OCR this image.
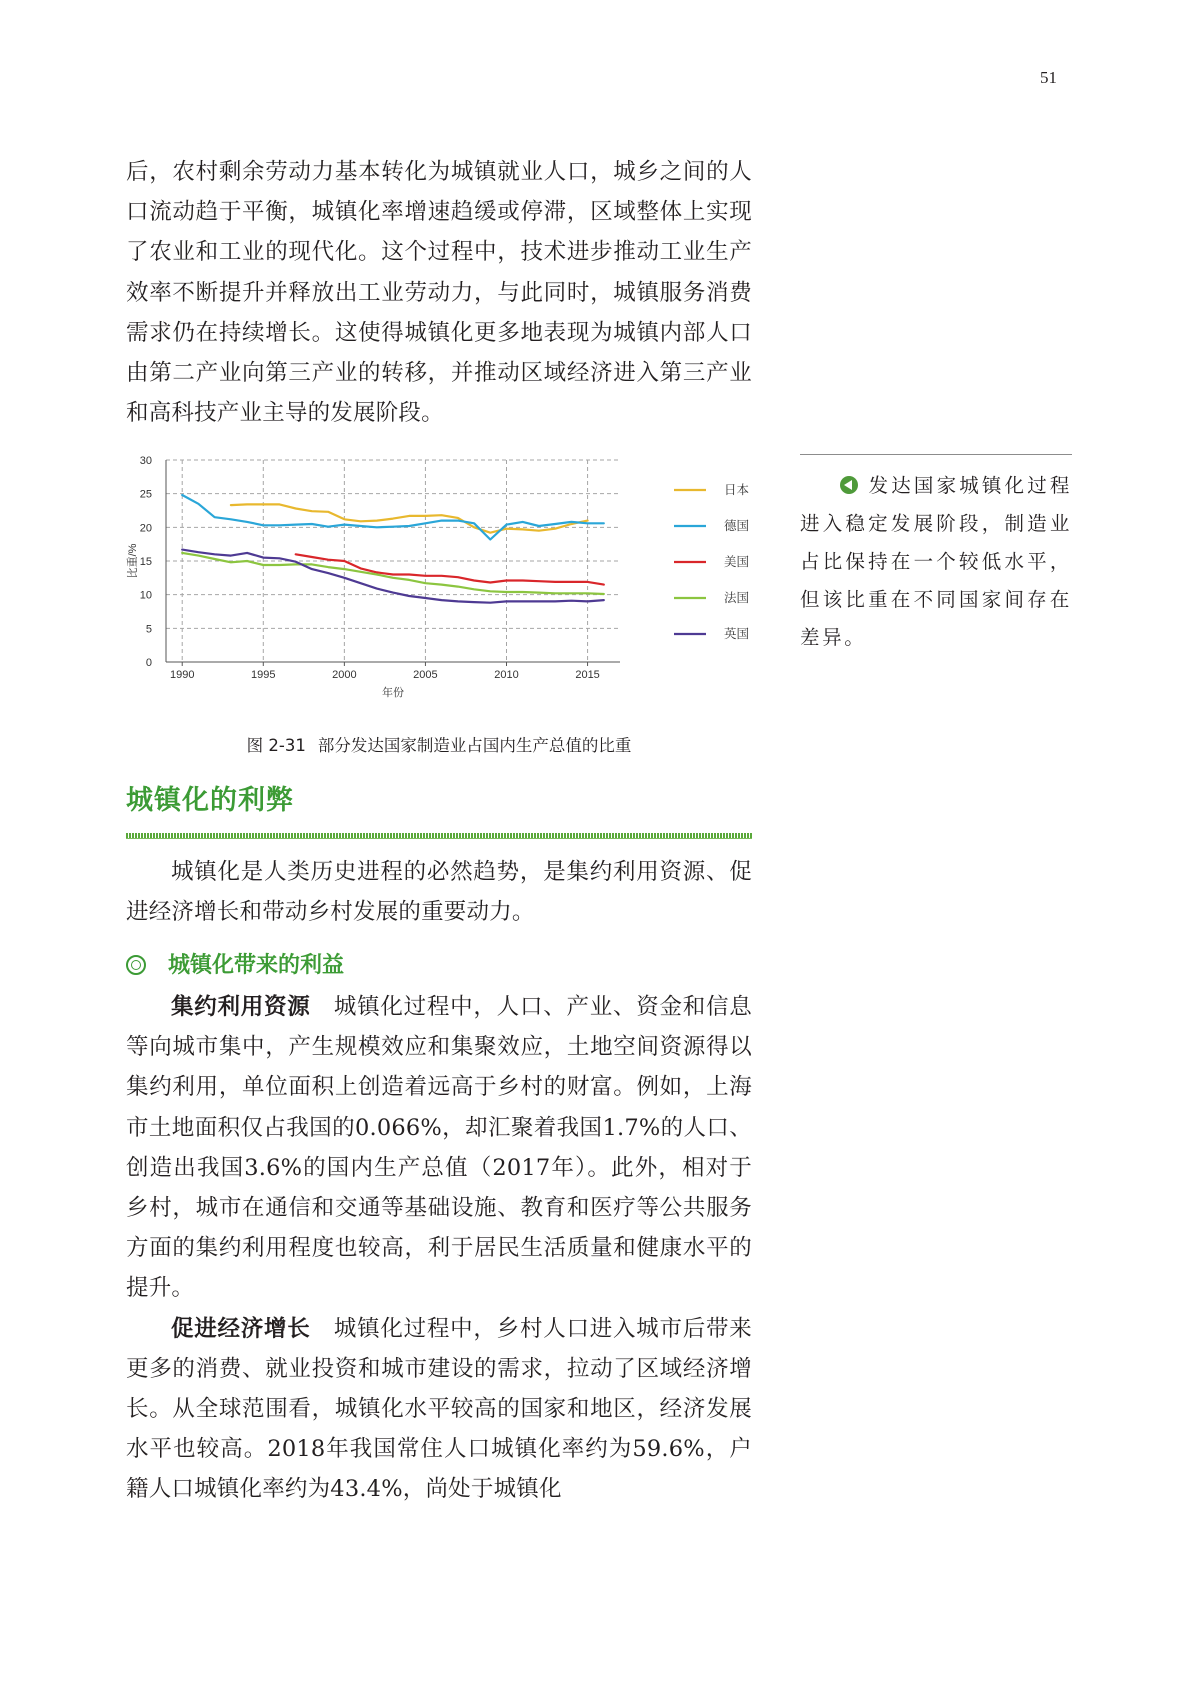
51

后，农村剩余劳动力基本转化为城镇就业人口，城乡之间的人口流动趋于平衡，城镇化率增速趋缓或停滞，区域整体上实现了农业和工业的现代化。这个过程中，技术进步推动工业生产效率不断提升并释放出工业劳动力，与此同时，城镇服务消费需求仍在持续增长。这使得城镇化更多地表现为城镇内部人口由第二产业向第三产业的转移，并推动区域经济进入第三产业和高科技产业主导的发展阶段。

0
5
10
15
20
25
30
1990	1995	2000	2005	2010	2015
年份
比重/%
日本
德国
美国
法国
英国
图 2-31 部分发达国家制造业占国内生产总值的比重
城镇化的利弊

城镇化是人类历史进程的必然趋势，是集约利用资源、促进经济增长和带动乡村发展的重要动力。

城镇化带来的利益

集约利用资源　 城镇化过程中，人口、产业、资金和信息等向城市集中，产生规模效应和集聚效应，土地空间资源得以集约利用，单位面积上创造着远高于乡村的财富。例如，上海市土地面积仅占我国的0.066%，却汇聚着我国1.7%的人口、创造出我国3.6%的国内生产总值（2017年）。此外，相对于乡村，城市在通信和交通等基础设施、教育和医疗等公共服务方面的集约利用程度也较高，利于居民生活质量和健康水平的提升。

促进经济增长　 城镇化过程中，乡村人口进入城市后带来更多的消费、就业投资和城市建设的需求，拉动了区域经济增长。从全球范围看，城镇化水平较高的国家和地区，经济发展水平也较高。2018年我国常住人口城镇化率约为59.6%，户籍人口城镇化率约为43.4%，尚处于城镇化

发达国家城镇化过程进入稳定发展阶段，制造业占比保持在一个较低水平，但该比重在不同国家间存在差异。
